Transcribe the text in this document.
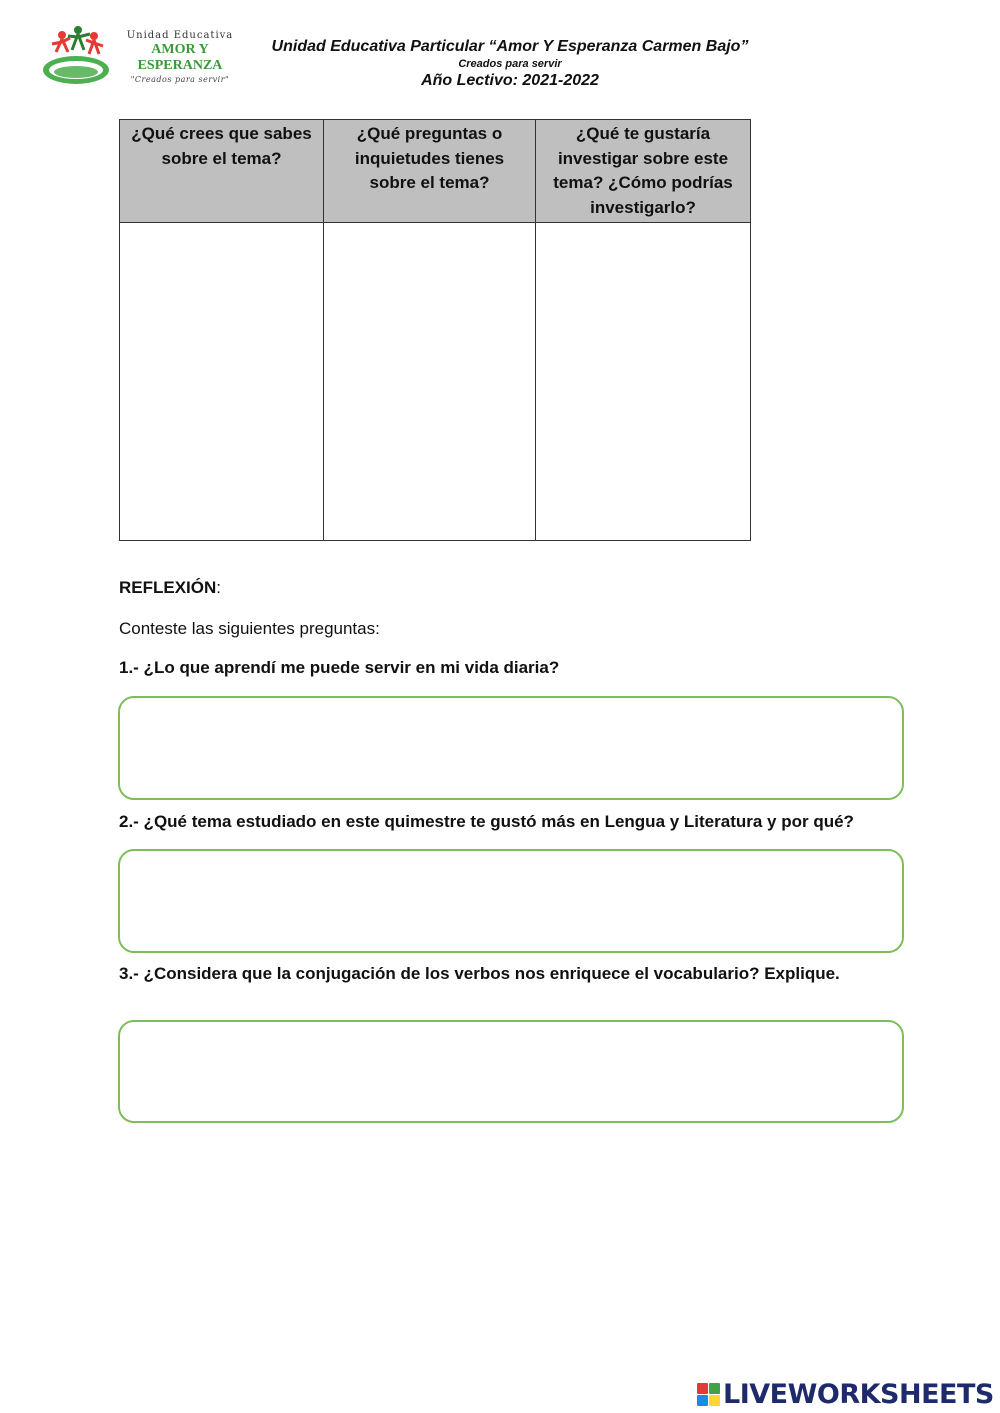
Unidad Educativa
AMOR Y ESPERANZA
"Creados para servir"
Unidad Educativa Particular “Amor Y Esperanza Carmen Bajo”
Creados para servir
Año Lectivo: 2021-2022
¿Qué crees que sabes sobre el tema?	¿Qué preguntas o inquietudes tienes sobre el tema?	¿Qué te gustaría investigar sobre este tema? ¿Cómo podrías investigarlo?

REFLEXIÓN:
Conteste las siguientes preguntas:
1.- ¿Lo que aprendí me puede servir en mi vida diaria?
2.- ¿Qué tema estudiado en este quimestre te gustó más en Lengua y Literatura y por qué?
3.- ¿Considera que la conjugación de los verbos nos enriquece el vocabulario? Explique.
LIVEWORKSHEETS
